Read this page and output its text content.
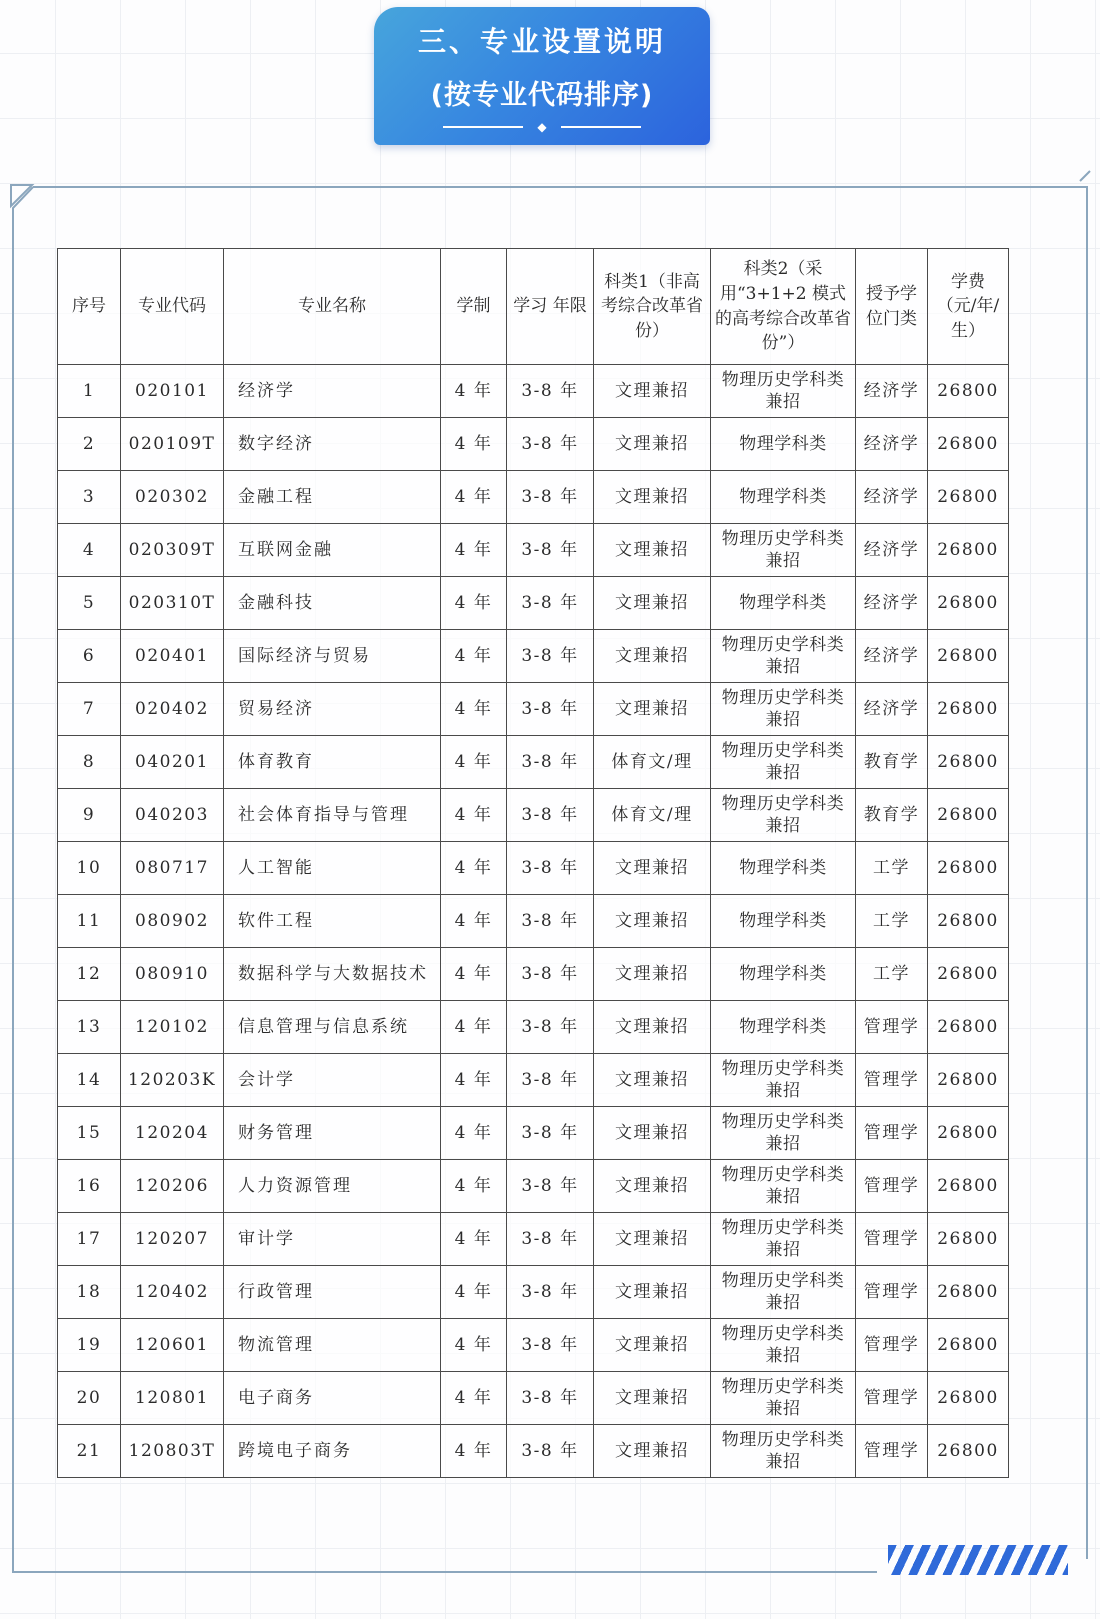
三、专业设置说明
(按专业代码排序)
◆
序号	专业代码	专业名称	学制	学习 年限	科类1（非高考综合改革省份）	科类2（采用“3+1+2 模式的高考综合改革省份”）	授予学位门类	学费（元/年/生）
1	020101	经济学	4 年	3-8 年	文理兼招	物理历史学科类兼招	经济学	26800
2	020109T	数字经济	4 年	3-8 年	文理兼招	物理学科类	经济学	26800
3	020302	金融工程	4 年	3-8 年	文理兼招	物理学科类	经济学	26800
4	020309T	互联网金融	4 年	3-8 年	文理兼招	物理历史学科类兼招	经济学	26800
5	020310T	金融科技	4 年	3-8 年	文理兼招	物理学科类	经济学	26800
6	020401	国际经济与贸易	4 年	3-8 年	文理兼招	物理历史学科类兼招	经济学	26800
7	020402	贸易经济	4 年	3-8 年	文理兼招	物理历史学科类兼招	经济学	26800
8	040201	体育教育	4 年	3-8 年	体育文/理	物理历史学科类兼招	教育学	26800
9	040203	社会体育指导与管理	4 年	3-8 年	体育文/理	物理历史学科类兼招	教育学	26800
10	080717	人工智能	4 年	3-8 年	文理兼招	物理学科类	工学	26800
11	080902	软件工程	4 年	3-8 年	文理兼招	物理学科类	工学	26800
12	080910	数据科学与大数据技术	4 年	3-8 年	文理兼招	物理学科类	工学	26800
13	120102	信息管理与信息系统	4 年	3-8 年	文理兼招	物理学科类	管理学	26800
14	120203K	会计学	4 年	3-8 年	文理兼招	物理历史学科类兼招	管理学	26800
15	120204	财务管理	4 年	3-8 年	文理兼招	物理历史学科类兼招	管理学	26800
16	120206	人力资源管理	4 年	3-8 年	文理兼招	物理历史学科类兼招	管理学	26800
17	120207	审计学	4 年	3-8 年	文理兼招	物理历史学科类兼招	管理学	26800
18	120402	行政管理	4 年	3-8 年	文理兼招	物理历史学科类兼招	管理学	26800
19	120601	物流管理	4 年	3-8 年	文理兼招	物理历史学科类兼招	管理学	26800
20	120801	电子商务	4 年	3-8 年	文理兼招	物理历史学科类兼招	管理学	26800
21	120803T	跨境电子商务	4 年	3-8 年	文理兼招	物理历史学科类兼招	管理学	26800
